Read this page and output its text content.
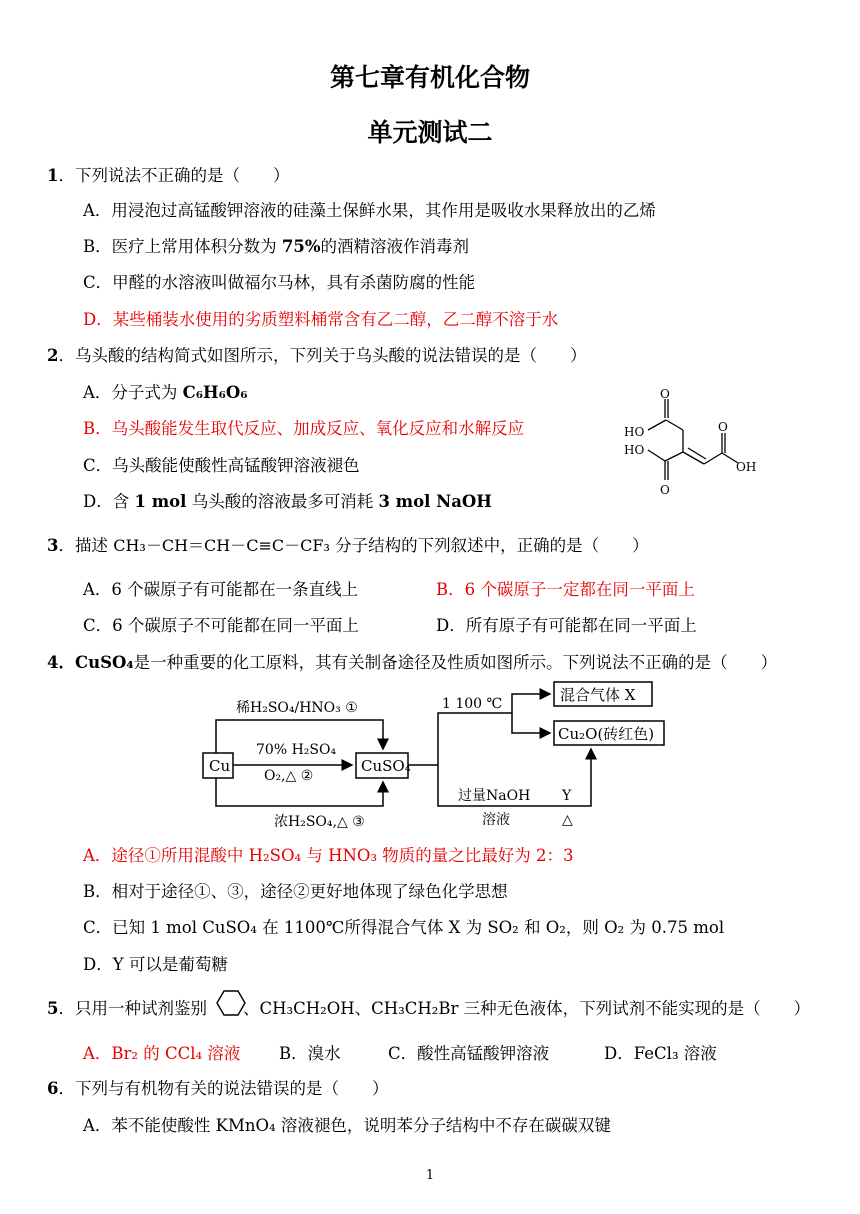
第七章有机化合物
单元测试二
1．下列说法不正确的是（　　）
A．用浸泡过高锰酸钾溶液的硅藻土保鲜水果，其作用是吸收水果释放出的乙烯
B．医疗上常用体积分数为 75%的酒精溶液作消毒剂
C．甲醛的水溶液叫做福尔马林，具有杀菌防腐的性能
D．某些桶装水使用的劣质塑料桶常含有乙二醇，乙二醇不溶于水
2．乌头酸的结构简式如图所示，下列关于乌头酸的说法错误的是（　　）
A．分子式为 C₆H₆O₆
B．乌头酸能发生取代反应、加成反应、氧化反应和水解反应
C．乌头酸能使酸性高锰酸钾溶液褪色
D．含 1 mol 乌头酸的溶液最多可消耗 3 mol NaOH
O
HO
HO
O
O
OH
3．描述 CH₃－CH＝CH－C≡C－CF₃ 分子结构的下列叙述中，正确的是（　　）
A．6 个碳原子有可能都在一条直线上	B．6 个碳原子一定都在同一平面上
C．6 个碳原子不可能都在同一平面上	D．所有原子有可能都在同一平面上
4．CuSO₄是一种重要的化工原料，其有关制备途径及性质如图所示。下列说法不正确的是（　　）
稀H₂SO₄/HNO₃ ①
70% H₂SO₄
O₂,△ ②
浓H₂SO₄,△ ③
Cu	CuSO₄
1 100 ℃	混合气体 X
Cu₂O(砖红色)
过量NaOH
溶液
Y
△
A．途径①所用混酸中 H₂SO₄ 与 HNO₃ 物质的量之比最好为 2：3
B．相对于途径①、③，途径②更好地体现了绿色化学思想
C．已知 1 mol CuSO₄ 在 1100℃所得混合气体 X 为 SO₂ 和 O₂，则 O₂ 为 0.75 mol
D．Y 可以是葡萄糖
5．只用一种试剂鉴别 、CH₃CH₂OH、CH₃CH₂Br 三种无色液体，下列试剂不能实现的是（　　）
A．Br₂ 的 CCl₄ 溶液 B．溴水	C．酸性高锰酸钾溶液	D．FeCl₃ 溶液
6．下列与有机物有关的说法错误的是（　　）
A．苯不能使酸性 KMnO₄ 溶液褪色，说明苯分子结构中不存在碳碳双键
1
